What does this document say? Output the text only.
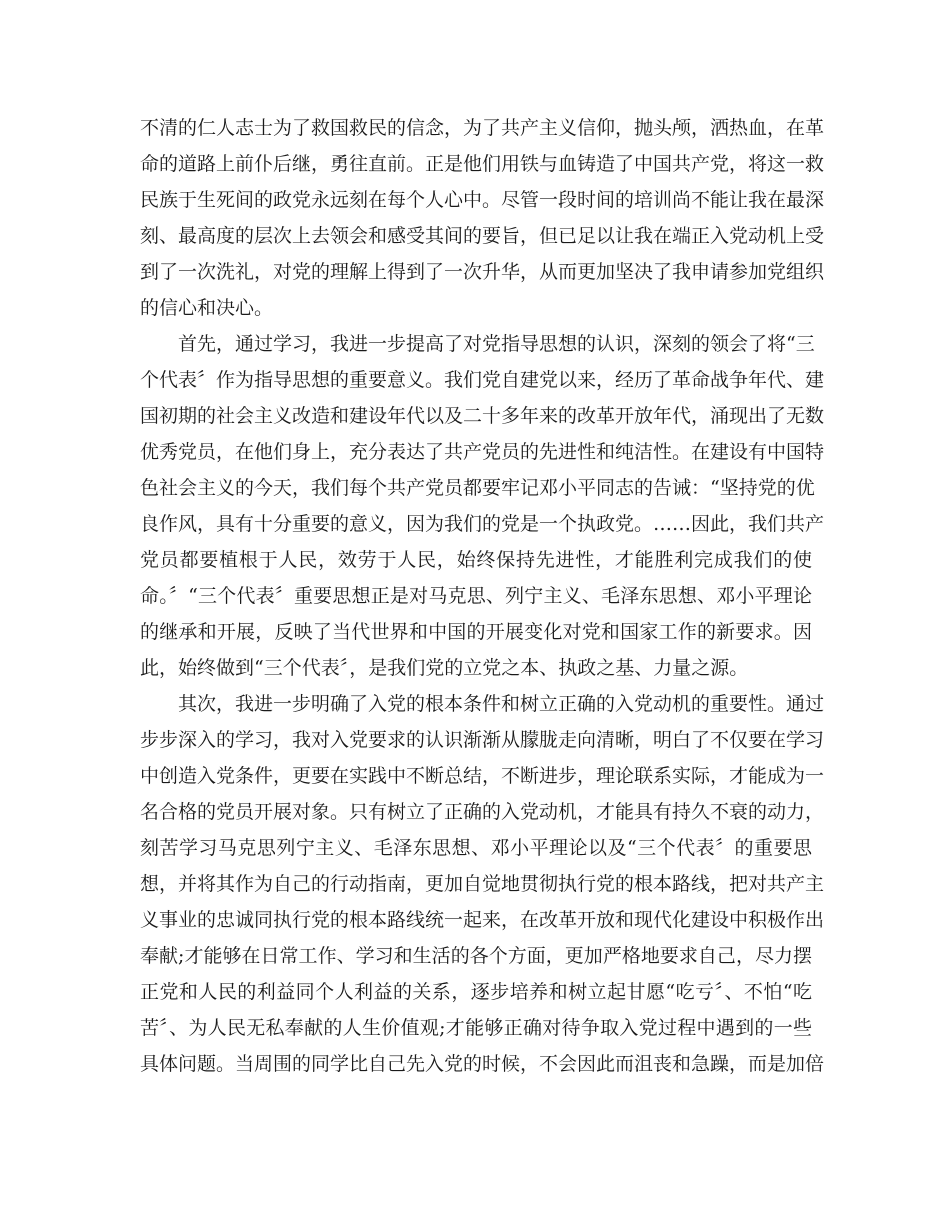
不清的仁人志士为了救国救民的信念，为了共产主义信仰，抛头颅，洒热血，在革
命的道路上前仆后继，勇往直前。正是他们用铁与血铸造了中国共产党，将这一救
民族于生死间的政党永远刻在每个人心中。尽管一段时间的培训尚不能让我在最深
刻、最高度的层次上去领会和感受其间的要旨，但已足以让我在端正入党动机上受
到了一次洗礼，对党的理解上得到了一次升华，从而更加坚决了我申请参加党组织
的信心和决心。
首先，通过学习，我进一步提高了对党指导思想的认识，深刻的领会了将“三
个代表〞作为指导思想的重要意义。我们党自建党以来，经历了革命战争年代、建
国初期的社会主义改造和建设年代以及二十多年来的改革开放年代，涌现出了无数
优秀党员，在他们身上，充分表达了共产党员的先进性和纯洁性。在建设有中国特
色社会主义的今天，我们每个共产党员都要牢记邓小平同志的告诫：“坚持党的优
良作风，具有十分重要的意义，因为我们的党是一个执政党。……因此，我们共产
党员都要植根于人民，效劳于人民，始终保持先进性，才能胜利完成我们的使
命。〞“三个代表〞重要思想正是对马克思、列宁主义、毛泽东思想、邓小平理论
的继承和开展，反映了当代世界和中国的开展变化对党和国家工作的新要求。因
此，始终做到“三个代表〞，是我们党的立党之本、执政之基、力量之源。
其次，我进一步明确了入党的根本条件和树立正确的入党动机的重要性。通过
步步深入的学习，我对入党要求的认识渐渐从朦胧走向清晰，明白了不仅要在学习
中创造入党条件，更要在实践中不断总结，不断进步，理论联系实际，才能成为一
名合格的党员开展对象。只有树立了正确的入党动机，才能具有持久不衰的动力，
刻苦学习马克思列宁主义、毛泽东思想、邓小平理论以及“三个代表〞的重要思
想，并将其作为自己的行动指南，更加自觉地贯彻执行党的根本路线，把对共产主
义事业的忠诚同执行党的根本路线统一起来，在改革开放和现代化建设中积极作出
奉献;才能够在日常工作、学习和生活的各个方面，更加严格地要求自己，尽力摆
正党和人民的利益同个人利益的关系，逐步培养和树立起甘愿“吃亏〞、不怕“吃
苦〞、为人民无私奉献的人生价值观;才能够正确对待争取入党过程中遇到的一些
具体问题。当周围的同学比自己先入党的时候，不会因此而沮丧和急躁，而是加倍
